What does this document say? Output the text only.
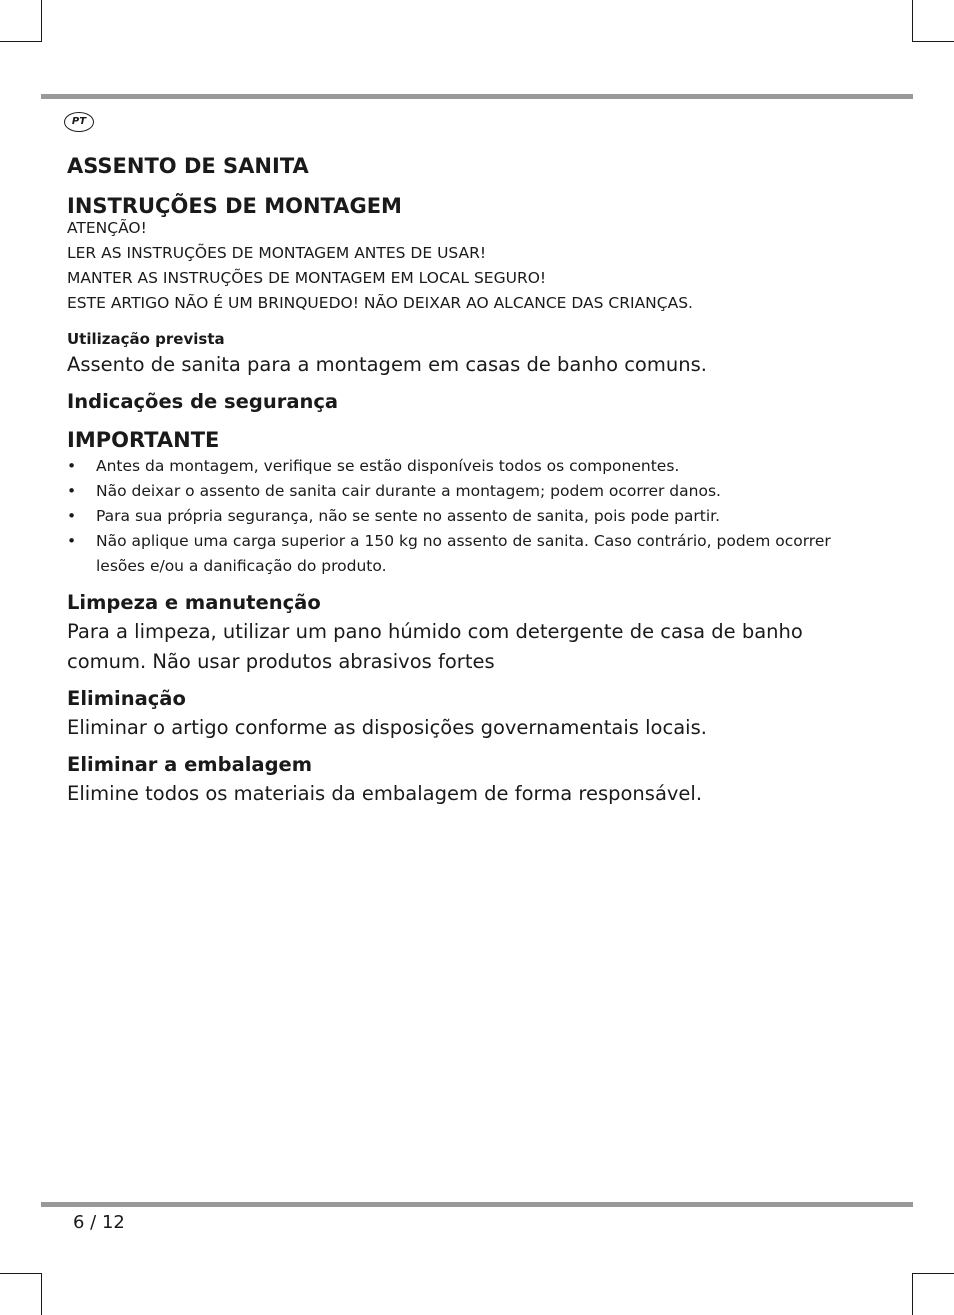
PT
ASSENTO DE SANITA
INSTRUÇÕES DE MONTAGEM

ATENÇÃO!

LER AS INSTRUÇÕES DE MONTAGEM ANTES DE USAR!

MANTER AS INSTRUÇÕES DE MONTAGEM EM LOCAL SEGURO!

ESTE ARTIGO NÃO É UM BRINQUEDO! NÃO DEIXAR AO ALCANCE DAS CRIANÇAS.

Utilização prevista

Assento de sanita para a montagem em casas de banho comuns.

Indicações de segurança
IMPORTANTE
• Antes da montagem, verifique se estão disponíveis todos os componentes.
• Não deixar o assento de sanita cair durante a montagem; podem ocorrer danos.
• Para sua própria segurança, não se sente no assento de sanita, pois pode partir.
• Não aplique uma carga superior a 150 kg no assento de sanita. Caso contrário, podem ocorrer lesões e/ou a danificação do produto.
Limpeza e manutenção

Para a limpeza, utilizar um pano húmido com detergente de casa de banho comum. Não usar produtos abrasivos fortes

Eliminação

Eliminar o artigo conforme as disposições governamentais locais.

Eliminar a embalagem

Elimine todos os materiais da embalagem de forma responsável.

6 / 12
